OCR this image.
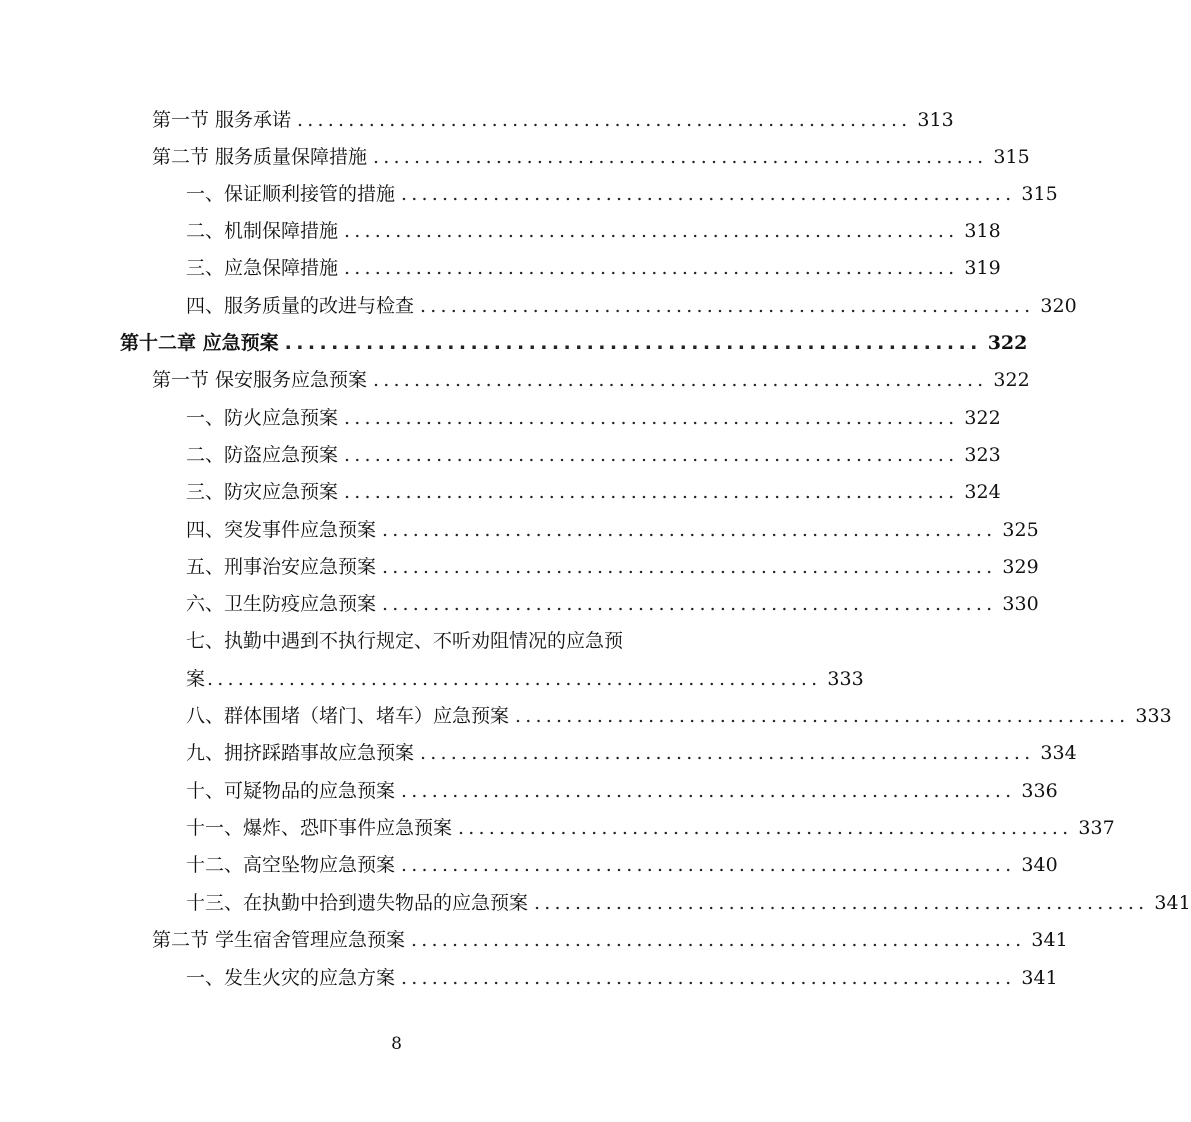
第一节 服务承诺 ............................................................ 313
第二节 服务质量保障措施 ............................................................ 315
一、保证顺利接管的措施 ............................................................ 315
二、机制保障措施 ............................................................ 318
三、应急保障措施 ............................................................ 319
四、服务质量的改进与检查 ............................................................ 320
第十二章 应急预案 ............................................................ 322
第一节 保安服务应急预案 ............................................................ 322
一、防火应急预案 ............................................................ 322
二、防盗应急预案 ............................................................ 323
三、防灾应急预案 ............................................................ 324
四、突发事件应急预案 ............................................................ 325
五、刑事治安应急预案 ............................................................ 329
六、卫生防疫应急预案 ............................................................ 330
七、执勤中遇到不执行规定、不听劝阻情况的应急预
案 ............................................................ 333
八、群体围堵（堵门、堵车）应急预案 ............................................................ 333
九、拥挤踩踏事故应急预案 ............................................................ 334
十、可疑物品的应急预案 ............................................................ 336
十一、爆炸、恐吓事件应急预案 ............................................................ 337
十二、高空坠物应急预案 ............................................................ 340
十三、在执勤中拾到遗失物品的应急预案 ............................................................ 341
第二节 学生宿舍管理应急预案 ............................................................ 341
一、发生火灾的应急方案 ............................................................ 341
8
